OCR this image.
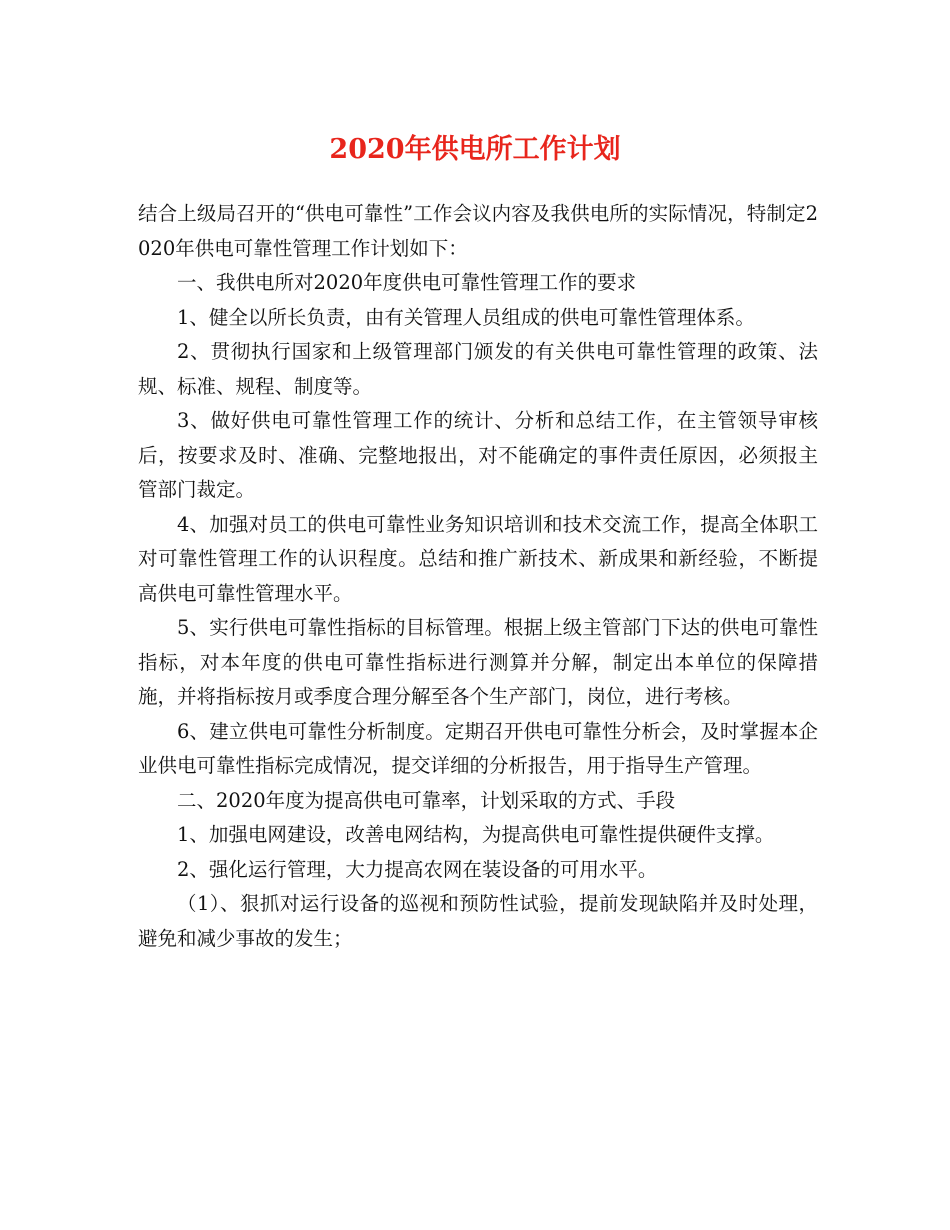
2020年供电所工作计划

结合上级局召开的“供电可靠性”工作会议内容及我供电所的实际情况，特制定2020年供电可靠性管理工作计划如下：

一、我供电所对2020年度供电可靠性管理工作的要求

1、健全以所长负责，由有关管理人员组成的供电可靠性管理体系。

2、贯彻执行国家和上级管理部门颁发的有关供电可靠性管理的政策、法规、标准、规程、制度等。

3、做好供电可靠性管理工作的统计、分析和总结工作，在主管领导审核后，按要求及时、准确、完整地报出，对不能确定的事件责任原因，必须报主管部门裁定。

4、加强对员工的供电可靠性业务知识培训和技术交流工作，提高全体职工对可靠性管理工作的认识程度。总结和推广新技术、新成果和新经验，不断提高供电可靠性管理水平。

5、实行供电可靠性指标的目标管理。根据上级主管部门下达的供电可靠性指标，对本年度的供电可靠性指标进行测算并分解，制定出本单位的保障措施，并将指标按月或季度合理分解至各个生产部门，岗位，进行考核。

6、建立供电可靠性分析制度。定期召开供电可靠性分析会，及时掌握本企业供电可靠性指标完成情况，提交详细的分析报告，用于指导生产管理。

二、2020年度为提高供电可靠率，计划采取的方式、手段

1、加强电网建设，改善电网结构，为提高供电可靠性提供硬件支撑。

2、强化运行管理，大力提高农网在装设备的可用水平。

（1）、狠抓对运行设备的巡视和预防性试验，提前发现缺陷并及时处理，避免和减少事故的发生；
